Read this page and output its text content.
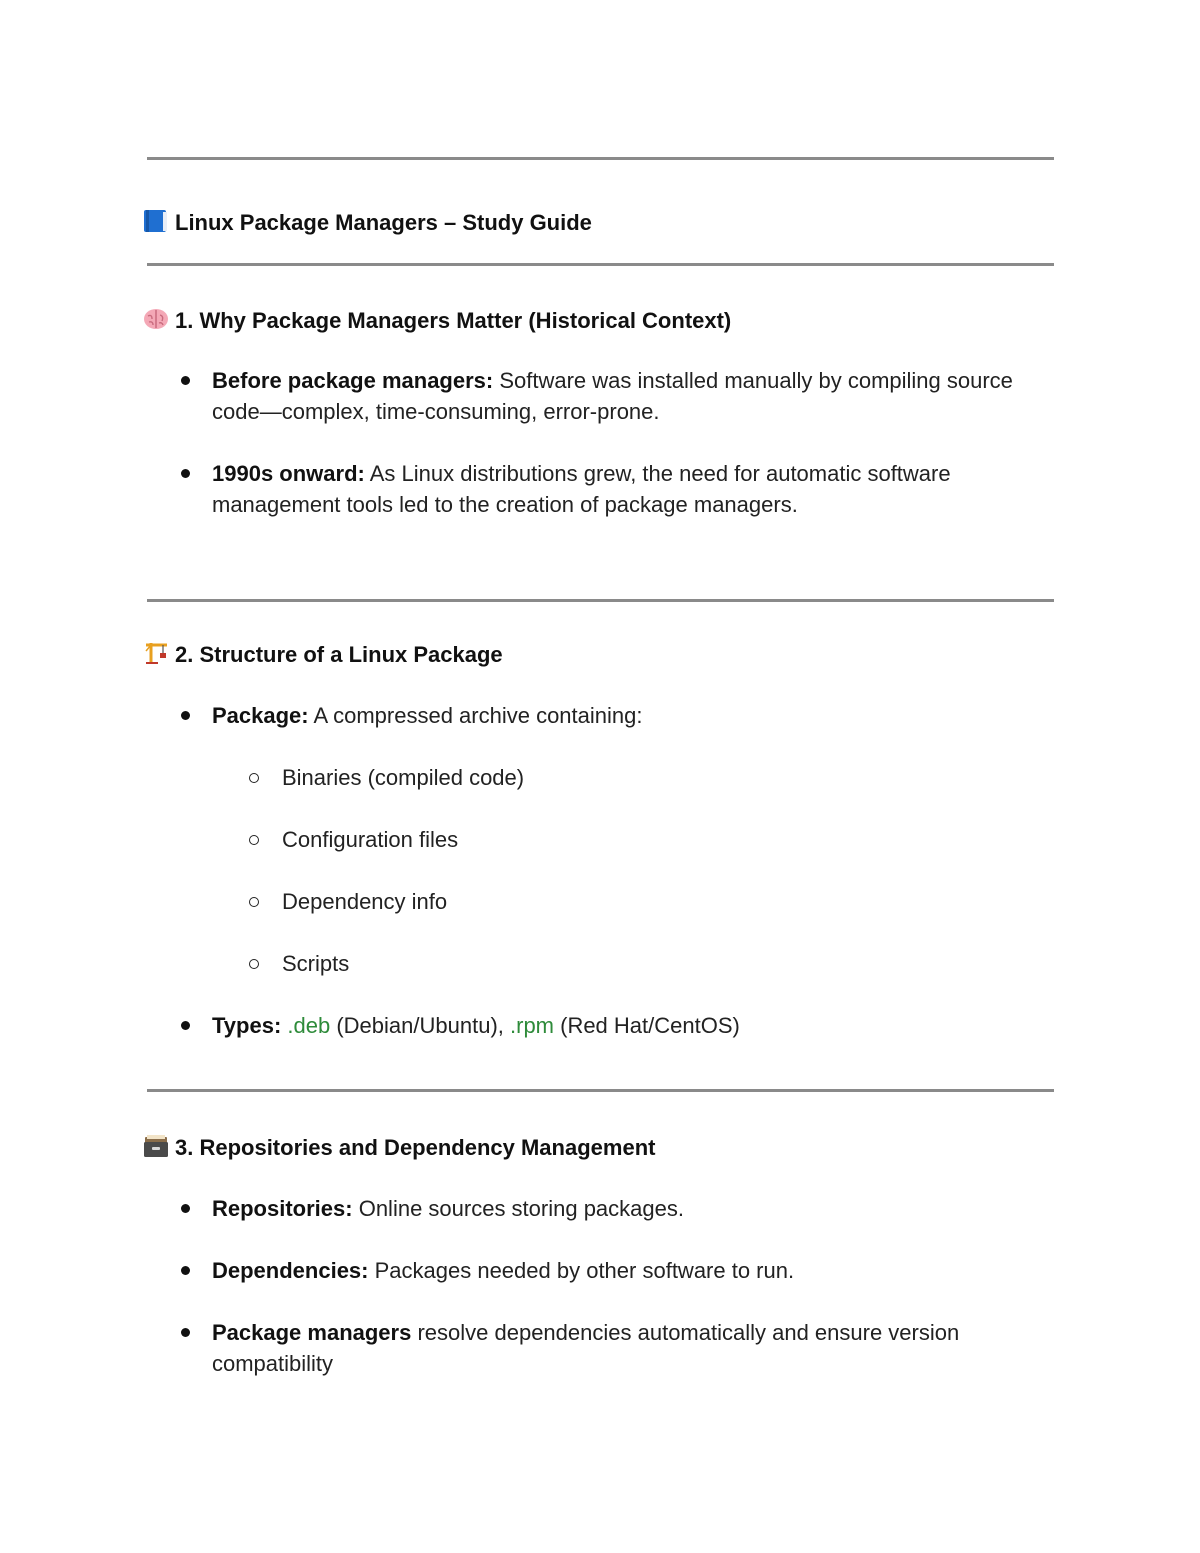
Linux Package Managers – Study Guide
1. Why Package Managers Matter (Historical Context)
Before package managers: Software was installed manually by compiling source code—complex, time-consuming, error-prone.
1990s onward: As Linux distributions grew, the need for automatic software management tools led to the creation of package managers.
2. Structure of a Linux Package
Package: A compressed archive containing:
Binaries (compiled code)
Configuration files
Dependency info
Scripts
Types: .deb (Debian/Ubuntu), .rpm (Red Hat/CentOS)
3. Repositories and Dependency Management
Repositories: Online sources storing packages.
Dependencies: Packages needed by other software to run.
Package managers resolve dependencies automatically and ensure version compatibility
